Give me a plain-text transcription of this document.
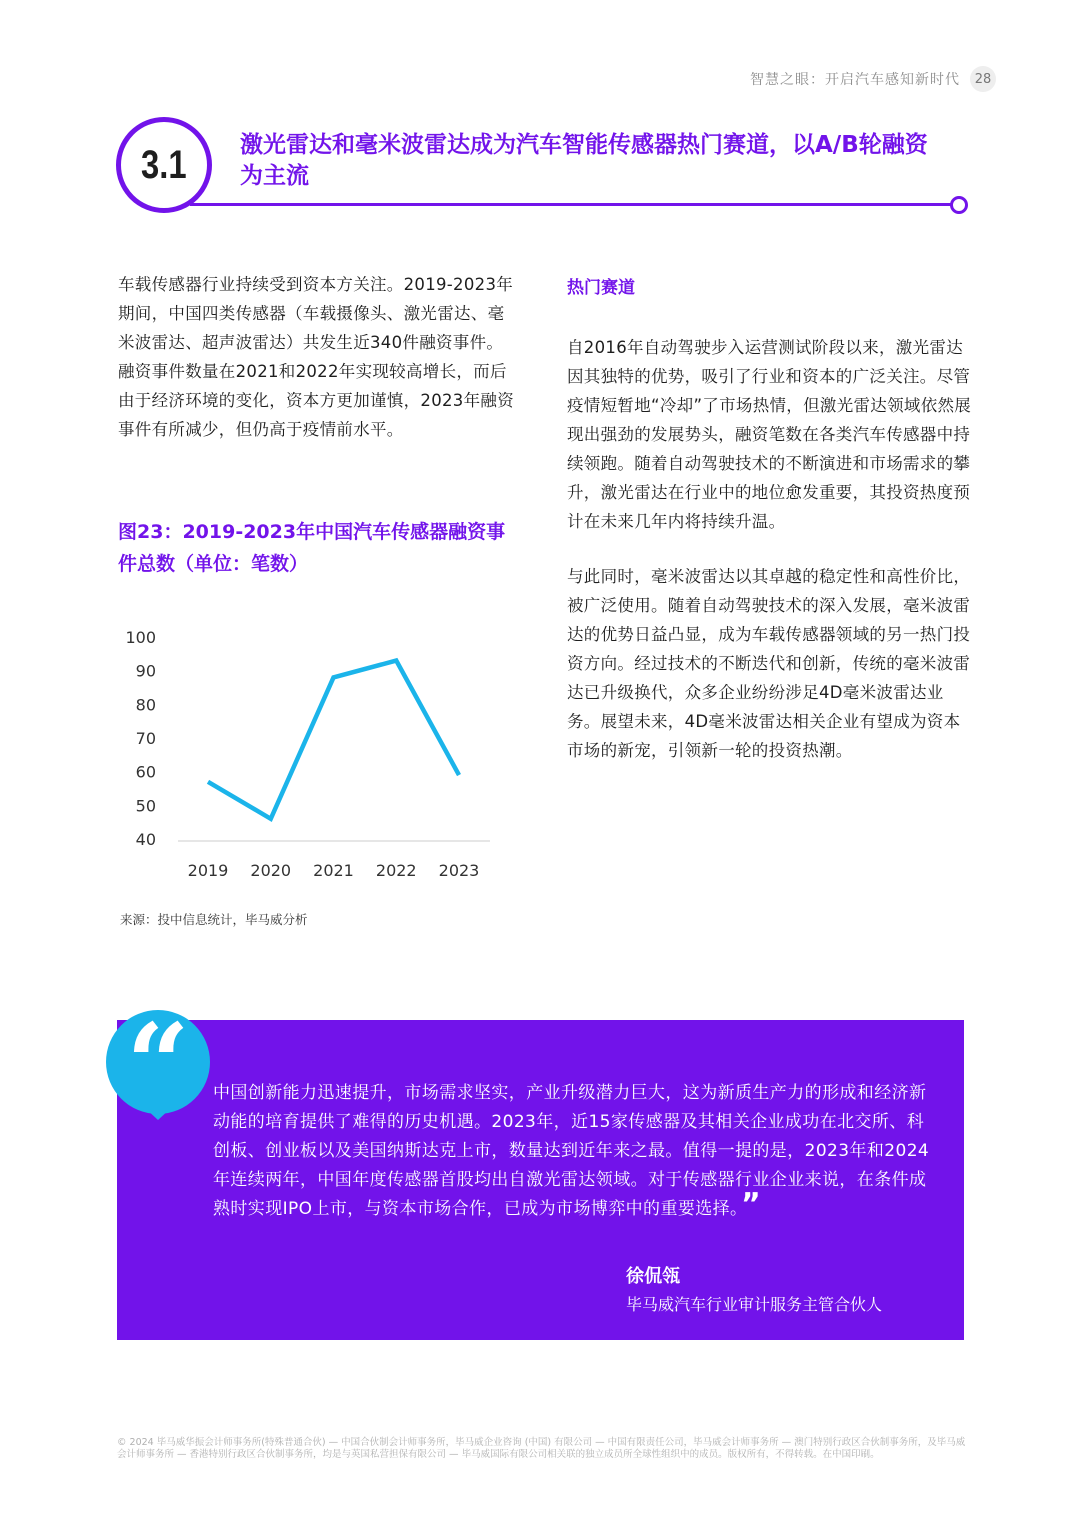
智慧之眼：开启汽车感知新时代	28
3.1 激光雷达和毫米波雷达成为汽车智能传感器热门赛道，以A/B轮融资为主流

车载传感器行业持续受到资本方关注。2019-2023年期间，中国四类传感器（车载摄像头、激光雷达、毫米波雷达、超声波雷达）共发生近340件融资事件。融资事件数量在2021和2022年实现较高增长，而后由于经济环境的变化，资本方更加谨慎，2023年融资事件有所减少，但仍高于疫情前水平。

图23：2019-2023年中国汽车传感器融资事件总数（单位：笔数）
40
50
60
70
80
90
100
2019 2020 2021 2022 2023
来源：投中信息统计，毕马威分析
热门赛道

自2016年自动驾驶步入运营测试阶段以来，激光雷达因其独特的优势，吸引了行业和资本的广泛关注。尽管疫情短暂地“冷却”了市场热情，但激光雷达领域依然展现出强劲的发展势头，融资笔数在各类汽车传感器中持续领跑。随着自动驾驶技术的不断演进和市场需求的攀升，激光雷达在行业中的地位愈发重要，其投资热度预计在未来几年内将持续升温。

与此同时，毫米波雷达以其卓越的稳定性和高性价比，被广泛使用。随着自动驾驶技术的深入发展，毫米波雷达的优势日益凸显，成为车载传感器领域的另一热门投资方向。经过技术的不断迭代和创新，传统的毫米波雷达已升级换代，众多企业纷纷涉足4D毫米波雷达业务。展望未来，4D毫米波雷达相关企业有望成为资本市场的新宠，引领新一轮的投资热潮。

“ 中国创新能力迅速提升，市场需求坚实，产业升级潜力巨大，这为新质生产力的形成和经济新动能的培育提供了难得的历史机遇。2023年，近15家传感器及其相关企业成功在北交所、科创板、创业板以及美国纳斯达克上市，数量达到近年来之最。值得一提的是，2023年和2024年连续两年，中国年度传感器首股均出自激光雷达领域。对于传感器行业企业来说，在条件成熟时实现IPO上市，与资本市场合作，已成为市场博弈中的重要选择。”
徐侃瓴
毕马威汽车行业审计服务主管合伙人
© 2024 毕马威华振会计师事务所(特殊普通合伙) — 中国合伙制会计师事务所，毕马威企业咨询 (中国) 有限公司 — 中国有限责任公司，毕马威会计师事务所 — 澳门特别行政区合伙制事务所，及毕马威会计师事务所 — 香港特别行政区合伙制事务所，均是与英国私营担保有限公司 — 毕马威国际有限公司相关联的独立成员所全球性组织中的成员。版权所有，不得转载。在中国印刷。
